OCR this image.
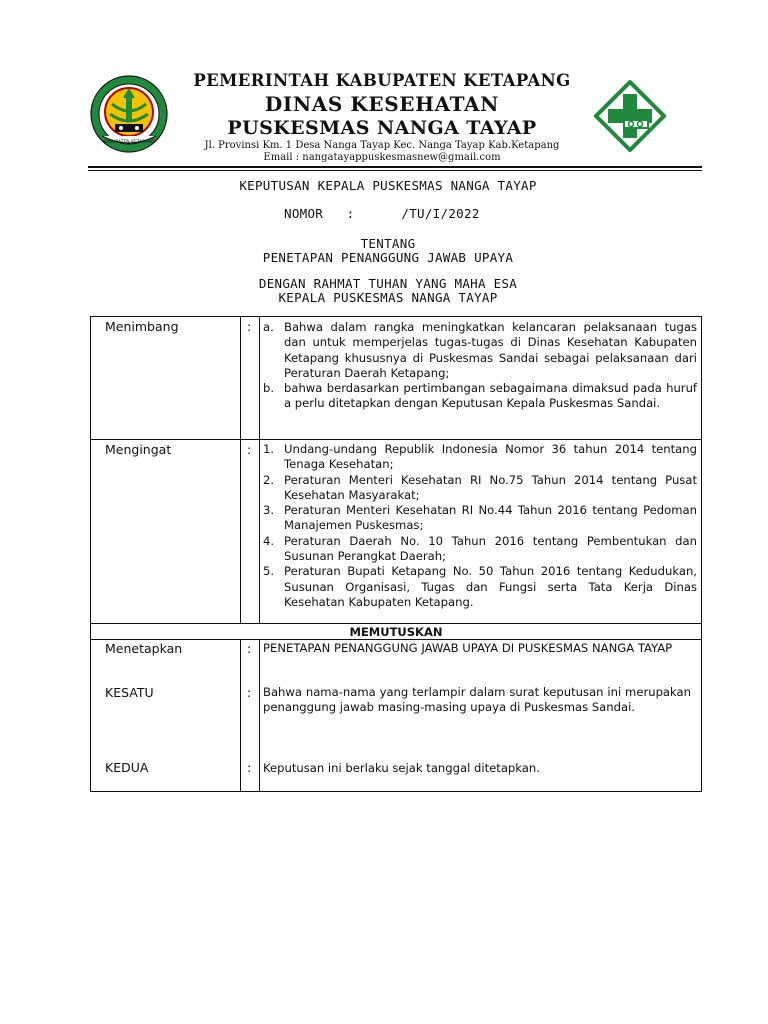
KABUPATEN KETAPANG
PEMERINTAH KABUPATEN KETAPANG
DINAS KESEHATAN
PUSKESMAS NANGA TAYAP
Jl. Provinsi Km. 1 Desa Nanga Tayap Kec. Nanga Tayap Kab.Ketapang
Email : nangatayappuskesmasnew@gmail.com
KEPUTUSAN KEPALA PUSKESMAS NANGA TAYAP
NOMOR   :      /TU/I/2022
TENTANG
PENETAPAN PENANGGUNG JAWAB UPAYA
DENGAN RAHMAT TUHAN YANG MAHA ESA
KEPALA PUSKESMAS NANGA TAYAP
Menimbang	: a. Bahwa dalam rangka meningkatkan kelancaran pelaksanaan tugas dan untuk memperjelas tugas-tugas di Dinas Kesehatan Kabupaten Ketapang khususnya di Puskesmas Sandai sebagai pelaksanaan dari Peraturan Daerah Ketapang;
b. bahwa berdasarkan pertimbangan sebagaimana dimaksud pada huruf a perlu ditetapkan dengan Keputusan Kepala Puskesmas Sandai.
Mengingat	: 1. Undang-undang Republik Indonesia Nomor 36 tahun 2014 tentang Tenaga Kesehatan;
2. Peraturan Menteri Kesehatan RI No.75 Tahun 2014 tentang Pusat Kesehatan Masyarakat;
3. Peraturan Menteri Kesehatan RI No.44 Tahun 2016 tentang Pedoman Manajemen Puskesmas;
4. Peraturan Daerah No. 10 Tahun 2016 tentang Pembentukan dan Susunan Perangkat Daerah;
5. Peraturan Bupati Ketapang No. 50 Tahun 2016 tentang Kedudukan, Susunan Organisasi, Tugas dan Fungsi serta Tata Kerja Dinas Kesehatan Kabupaten Ketapang.
MEMUTUSKAN
Menetapkan	: PENETAPAN PENANGGUNG JAWAB UPAYA DI PUSKESMAS NANGA TAYAP
KESATU	: Bahwa nama-nama yang terlampir dalam surat keputusan ini merupakan penanggung jawab masing-masing upaya di Puskesmas Sandai.
KEDUA	: Keputusan ini berlaku sejak tanggal ditetapkan.
